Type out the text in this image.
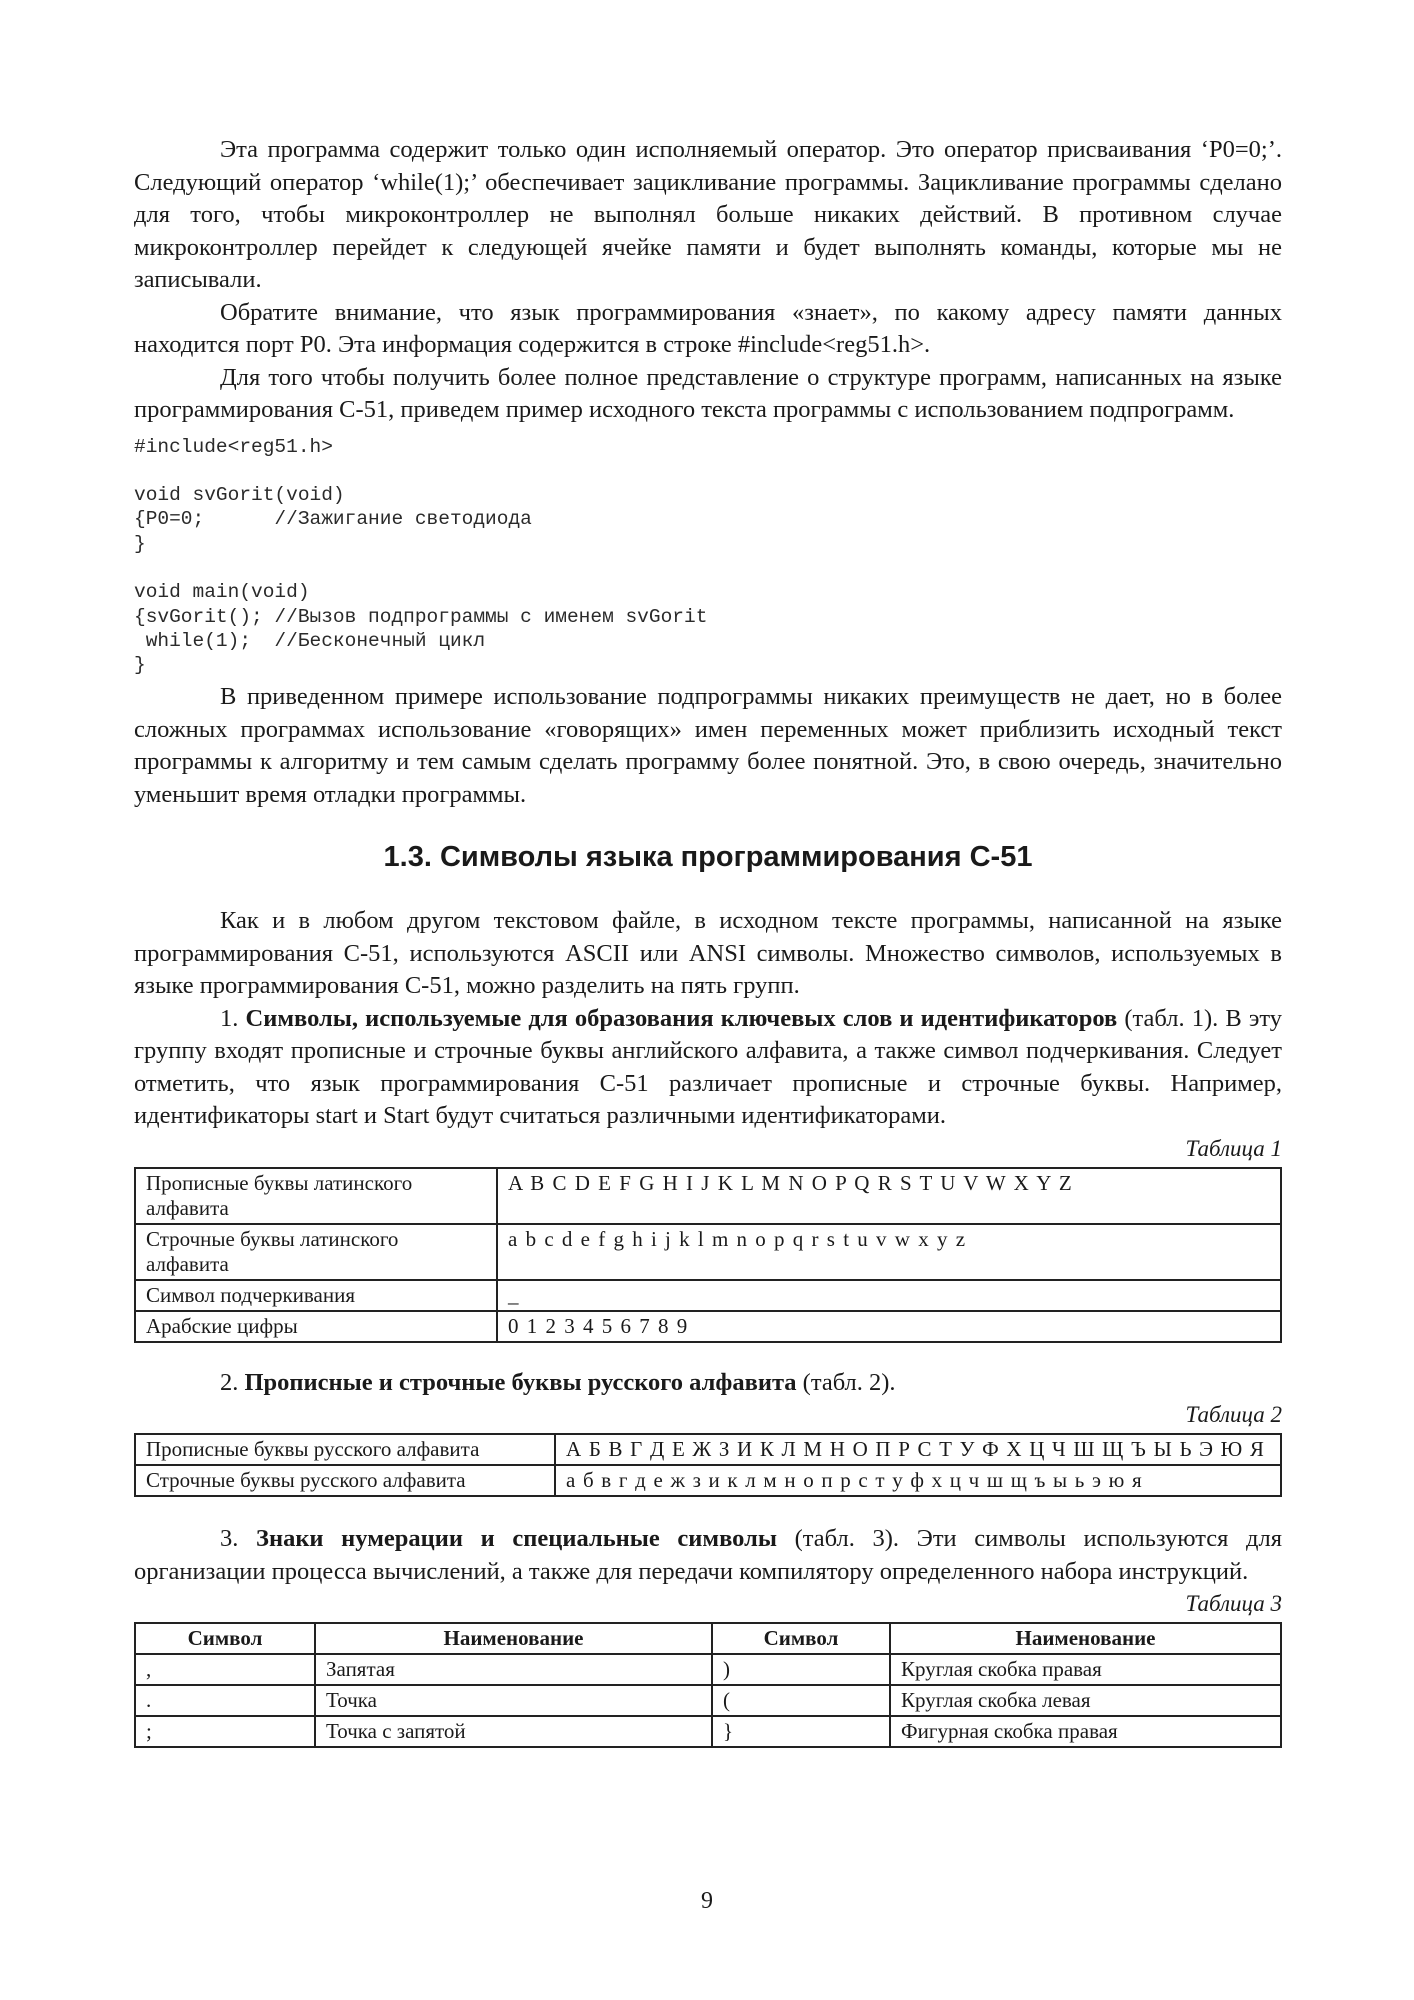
Эта программа содержит только один исполняемый оператор. Это оператор присваивания ‘P0=0;’. Следующий оператор ‘while(1);’ обеспечивает зацикливание программы. Зацикливание программы сделано для того, чтобы микроконтроллер не выполнял больше никаких действий. В противном случае микроконтроллер перейдет к следующей ячейке памяти и будет выполнять команды, которые мы не записывали.

Обратите внимание, что язык программирования «знает», по какому адресу памяти данных находится порт P0. Эта информация содержится в строке #include<reg51.h>.

Для того чтобы получить более полное представление о структуре программ, написанных на языке программирования С-51, приведем пример исходного текста программы с использованием подпрограмм.

#include<reg51.h>

void svGorit(void)
{P0=0;      //Зажигание светодиода
}

void main(void)
{svGorit(); //Вызов подпрограммы с именем svGorit
while(1);  //Бесконечный цикл
}

В приведенном примере использование подпрограммы никаких преимуществ не дает, но в более сложных программах использование «говорящих» имен переменных может приблизить исходный текст программы к алгоритму и тем самым сделать программу более понятной. Это, в свою очередь, значительно уменьшит время отладки программы.

1.3. Символы языка программирования С-51

Как и в любом другом текстовом файле, в исходном тексте программы, написанной на языке программирования С-51, используются ASCII или ANSI символы. Множество символов, используемых в языке программирования С-51, можно разделить на пять групп.

1. Символы, используемые для образования ключевых слов и идентификаторов (табл. 1). В эту группу входят прописные и строчные буквы английского алфавита, а также символ подчеркивания. Следует отметить, что язык программирования С-51 различает прописные и строчные буквы. Например, идентификаторы start и Start будут считаться различными идентификаторами.

Таблица 1
Прописные буквы латинского алфавита	A B C D E F G H I J K L M N O P Q R S T U V W X Y Z
Строчные буквы латинского алфавита	a b c d e f g h i j k l m n o p q r s t u v w x y z
Символ подчеркивания	_
Арабские цифры	0 1 2 3 4 5 6 7 8 9

2. Прописные и строчные буквы русского алфавита (табл. 2).

Таблица 2
Прописные буквы русского алфавита	А Б В Г Д Е Ж З И К Л М Н О П Р С Т У Ф Х Ц Ч Ш Щ Ъ Ы Ь Э Ю Я
Строчные буквы русского алфавита	а б в г д е ж з и к л м н о п р с т у ф х ц ч ш щ ъ ы ь э ю я

3. Знаки нумерации и специальные символы (табл. 3). Эти символы используются для организации процесса вычислений, а также для передачи компилятору определенного набора инструкций.

Таблица 3
Символ	Наименование	Символ	Наименование
,	Запятая	)	Круглая скобка правая
.	Точка	(	Круглая скобка левая
;	Точка с запятой	}	Фигурная скобка правая
9
